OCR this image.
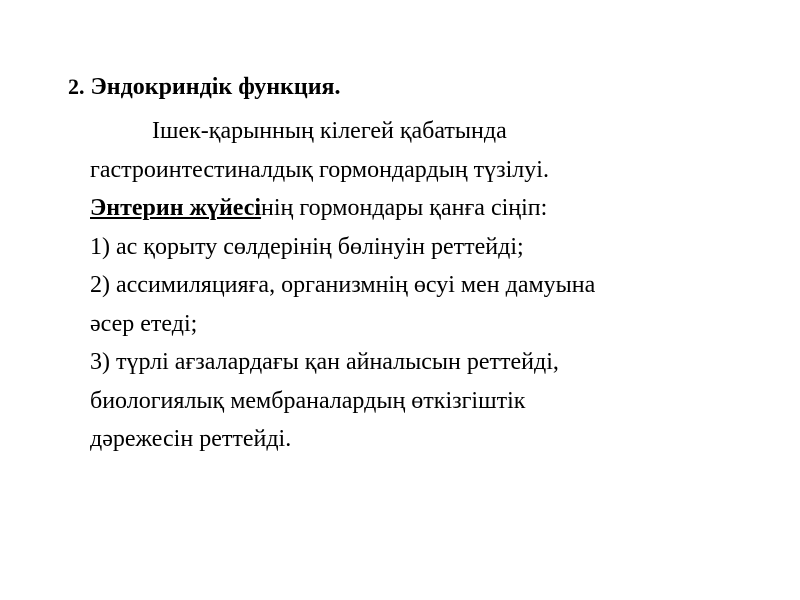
2. Эндокриндік функция.
Ішек-қарынның кілегей қабатында
гастроинтестиналдық гормондардың түзілуі.
Энтерин жүйесінің гормондары қанға сіңіп:
1) ас қорыту сөлдерінің бөлінуін реттейді;
2) ассимиляцияға, организмнің өсуі мен дамуына
әсер етеді;
3) түрлі ағзалардағы қан айналысын реттейді,
биологиялық мембраналардың өткізгіштік
дәрежесін реттейді.
